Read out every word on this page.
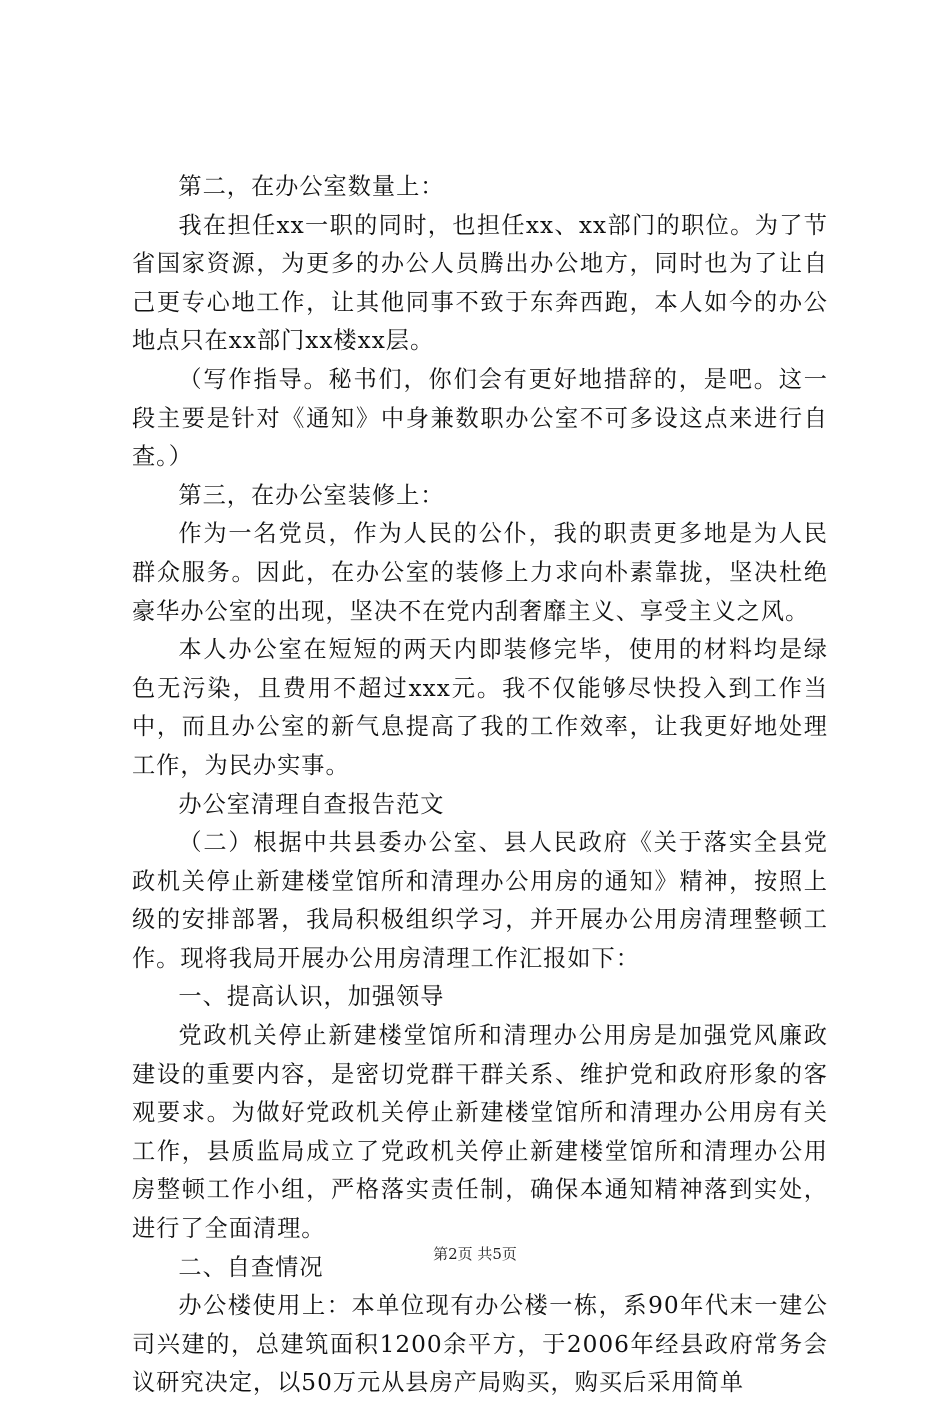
第二，在办公室数量上：

我在担任xx一职的同时，也担任xx、xx部门的职位。为了节省国家资源，为更多的办公人员腾出办公地方，同时也为了让自己更专心地工作，让其他同事不致于东奔西跑，本人如今的办公地点只在xx部门xx楼xx层。

（写作指导。秘书们，你们会有更好地措辞的，是吧。这一段主要是针对《通知》中身兼数职办公室不可多设这点来进行自查。）

第三，在办公室装修上：

作为一名党员，作为人民的公仆，我的职责更多地是为人民群众服务。因此，在办公室的装修上力求向朴素靠拢，坚决杜绝豪华办公室的出现，坚决不在党内刮奢靡主义、享受主义之风。

本人办公室在短短的两天内即装修完毕，使用的材料均是绿色无污染，且费用不超过xxx元。我不仅能够尽快投入到工作当中，而且办公室的新气息提高了我的工作效率，让我更好地处理工作，为民办实事。

办公室清理自查报告范文

（二）根据中共县委办公室、县人民政府《关于落实全县党政机关停止新建楼堂馆所和清理办公用房的通知》精神，按照上级的安排部署，我局积极组织学习，并开展办公用房清理整顿工作。现将我局开展办公用房清理工作汇报如下：

一、提高认识，加强领导

党政机关停止新建楼堂馆所和清理办公用房是加强党风廉政建设的重要内容，是密切党群干群关系、维护党和政府形象的客观要求。为做好党政机关停止新建楼堂馆所和清理办公用房有关工作，县质监局成立了党政机关停止新建楼堂馆所和清理办公用房整顿工作小组，严格落实责任制，确保本通知精神落到实处，进行了全面清理。

二、自查情况

办公楼使用上：本单位现有办公楼一栋，系90年代末一建公司兴建的，总建筑面积1200余平方，于2006年经县政府常务会议研究决定，以50万元从县房产局购买，购买后采用简单

第2页 共5页
